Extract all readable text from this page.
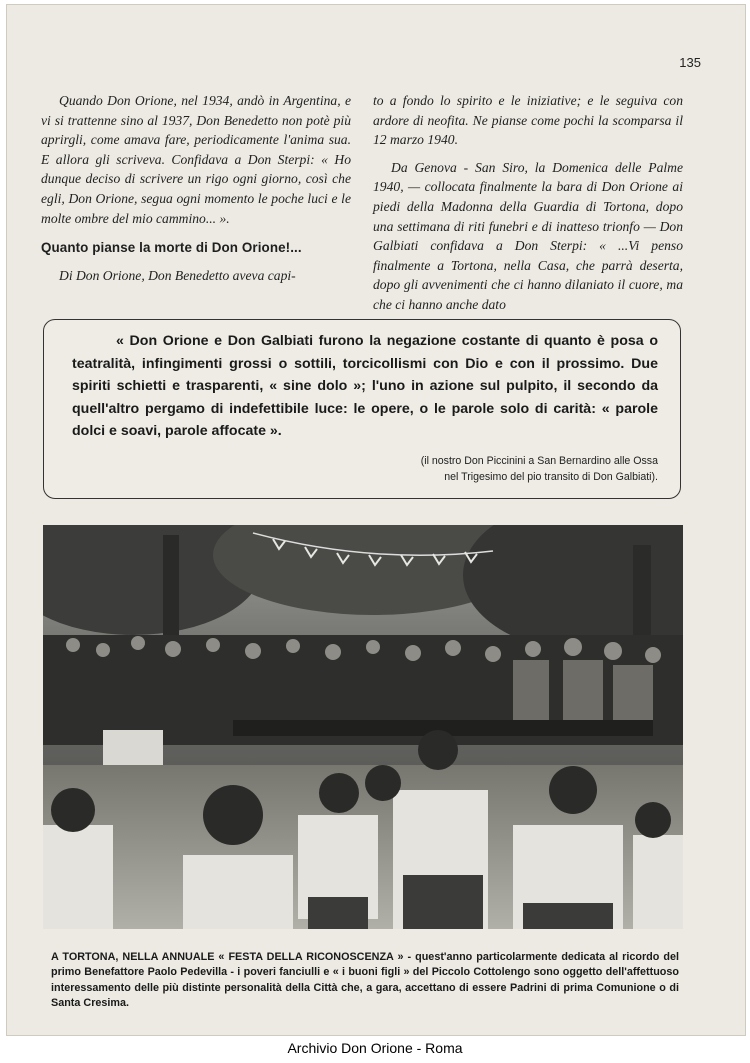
135

Quando Don Orione, nel 1934, andò in Argentina, e vi si trattenne sino al 1937, Don Benedetto non potè più aprirgli, come amava fare, periodicamente l'anima sua. E allora gli scriveva. Confidava a Don Sterpi: « Ho dunque deciso di scrivere un rigo ogni giorno, così che egli, Don Orione, segua ogni momento le poche luci e le molte ombre del mio cammino... ».

Quanto pianse la morte di Don Orione!...

Di Don Orione, Don Benedetto aveva capi-

to a fondo lo spirito e le iniziative; e le seguiva con ardore di neofita. Ne pianse come pochi la scomparsa il 12 marzo 1940.

Da Genova - San Siro, la Domenica delle Palme 1940, — collocata finalmente la bara di Don Orione ai piedi della Madonna della Guardia di Tortona, dopo una settimana di riti funebri e di inatteso trionfo — Don Galbiati confidava a Don Sterpi: « ...Vi penso finalmente a Tortona, nella Casa, che parrà deserta, dopo gli avvenimenti che ci hanno dilaniato il cuore, ma che ci hanno anche dato

« Don Orione e Don Galbiati furono la negazione costante di quanto è posa o teatralità, infingimenti grossi o sottili, torcicollismi con Dio e con il prossimo. Due spiriti schietti e trasparenti, « sine dolo »; l'uno in azione sul pulpito, il secondo da quell'altro pergamo di indefettibile luce: le opere, o le parole solo di carità: « parole dolci e soavi, parole affocate ».

(il nostro Don Piccinini a San Bernardino alle Ossa
nel Trigesimo del pio transito di Don Galbiati).
A TORTONA, NELLA ANNUALE « FESTA DELLA RICONOSCENZA » - quest'anno particolarmente dedicata al ricordo del primo Benefattore Paolo Pedevilla - i poveri fanciulli e « i buoni figli » del Piccolo Cottolengo sono oggetto dell'affettuoso interessamento delle più distinte personalità della Città che, a gara, accettano di essere Padrini di prima Comunione o di Santa Cresima.
Archivio Don Orione - Roma
